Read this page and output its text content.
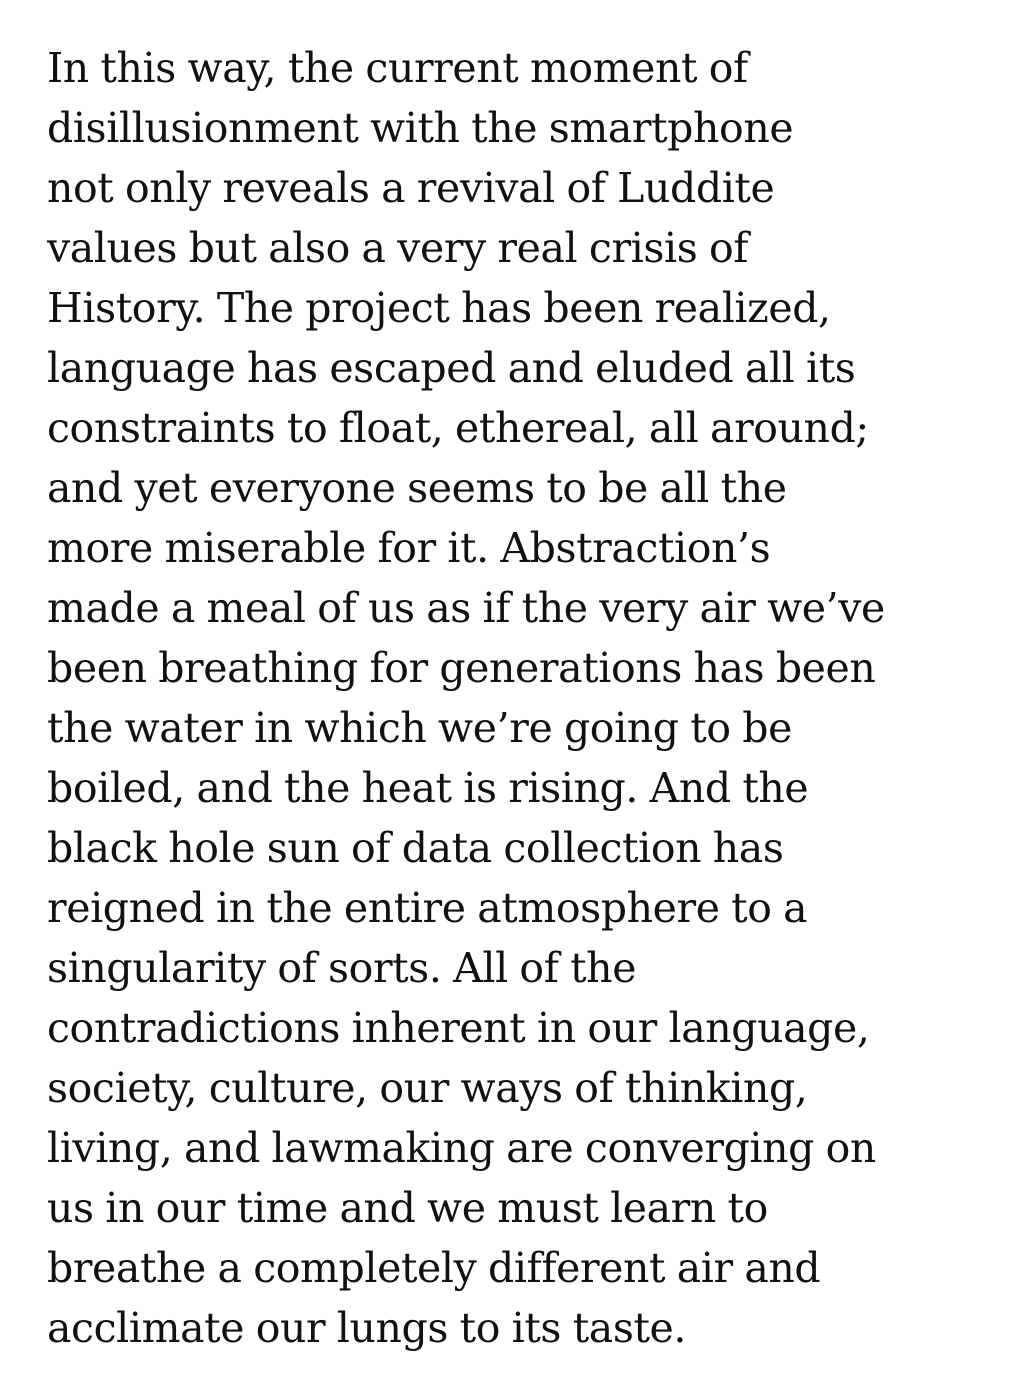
In this way, the current moment of
disillusionment with the smartphone
not only reveals a revival of Luddite
values but also a very real crisis of
History. The project has been realized,
language has escaped and eluded all its
constraints to float, ethereal, all around;
and yet everyone seems to be all the
more miserable for it. Abstraction’s
made a meal of us as if the very air we’ve
been breathing for generations has been
the water in which we’re going to be
boiled, and the heat is rising. And the
black hole sun of data collection has
reigned in the entire atmosphere to a
singularity of sorts. All of the
contradictions inherent in our language,
society, culture, our ways of thinking,
living, and lawmaking are converging on
us in our time and we must learn to
breathe a completely different air and
acclimate our lungs to its taste.
